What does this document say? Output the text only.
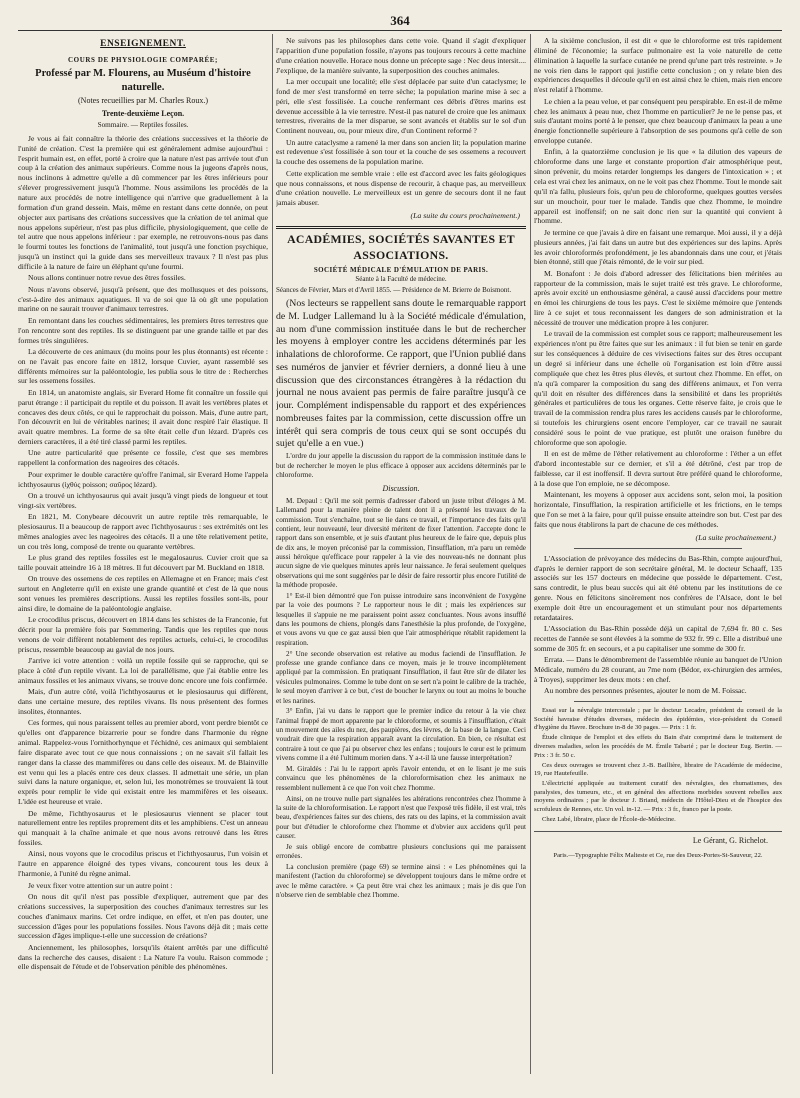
364
ENSEIGNEMENT.
COURS DE PHYSIOLOGIE COMPARÉE;
Professé par M. Flourens, au Muséum d'histoire naturelle.
(Notes recueillies par M. Charles Roux.)
Trente-deuxième Leçon.
Sommaire. — Reptiles fossiles.

Je vous ai fait connaître la théorie des créations successives et la théorie de l'unité de création. C'est la première qui est généralement admise aujourd'hui : l'esprit humain est, en effet, porté à croire que la nature n'est pas arrivée tout d'un coup à la création des animaux supérieurs. Comme nous la jugeons d'après nous, nous inclinons à admettre qu'elle a dû commencer par les êtres inférieurs pour s'élever progressivement jusqu'à l'homme. Nous assimilons les procédés de la nature aux procédés de notre intelligence qui n'arrive que graduellement à la formation d'un grand dessein. Mais, même en restant dans cette donnée, on peut objecter aux partisans des créations successives que la création de tel animal que nous appelons supérieur, n'est pas plus difficile, physiologiquement, que celle de tel autre que nous appelons inférieur : par exemple, ne retrouvons-nous pas dans le fourmi toutes les fonctions de l'animalité, tout jusqu'à une fonction psychique, jusqu'à un instinct qui la guide dans ses merveilleux travaux ? Il n'est pas plus difficile à la nature de faire un éléphant qu'une fourmi.

Nous allons continuer notre revue des êtres fossiles.

Nous n'avons observé, jusqu'à présent, que des mollusques et des poissons, c'est-à-dire des animaux aquatiques. Il va de soi que là où gît une population marine on ne saurait trouver d'animaux terrestres.

En remontant dans les couches sédimentaires, les premiers êtres terrestres que l'on rencontre sont des reptiles. Ils se distinguent par une grande taille et par des formes très singulières.

La découverte de ces animaux (du moins pour les plus étonnants) est récente : on ne l'avait pas encore faite en 1812, lorsque Cuvier, ayant rassemblé ses différents mémoires sur la paléontologie, les publia sous le titre de : Recherches sur les ossemens fossiles.

En 1814, un anatomiste anglais, sir Everard Home fit connaître un fossile qui parut étrange : il participait du reptile et du poisson. Il avait les vertèbres plates et concaves des deux côtés, ce qui le rapprochait du poisson. Mais, d'une autre part, l'on découvrit en lui de véritables narines; il avait donc respiré l'air élastique. Il avait quatre membres. La forme de sa tête était celle d'un lézard. D'après ces derniers caractères, il a été tiré classé parmi les reptiles.

Une autre particularité que présente ce fossile, c'est que ses membres rappellent la conformation des nageoires des cétacés.

Pour exprimer le double caractère qu'offre l'animal, sir Everard Home l'appela ichthyosaurus (ἰχθύς poisson; σαῦρος lézard).

On a trouvé un ichthyosaurus qui avait jusqu'à vingt pieds de longueur et tout vingt-six vertèbres.

En 1821, M. Conybeare découvrit un autre reptile très remarquable, le plesiosaurus. Il a beaucoup de rapport avec l'ichthyosaurus : ses extrémités ont les mêmes analogies avec les nageoires des cétacés. Il a une tête relativement petite, un cou très long, composé de trente ou quarante vertèbres.

Le plus grand des reptiles fossiles est le megalosaurus. Cuvier croit que sa taille pouvait atteindre 16 à 18 mètres. Il fut découvert par M. Buckland en 1818.

On trouve des ossemens de ces reptiles en Allemagne et en France; mais c'est surtout en Angleterre qu'il en existe une grande quantité et c'est de là que nous sont venues les premières descriptions. Aussi les reptiles fossiles sont-ils, pour ainsi dire, le domaine de la paléontologie anglaise.

Le crocodilus priscus, découvert en 1814 dans les schistes de la Franconie, fut décrit pour la première fois par Sœmmering. Tandis que les reptiles que nous venons de voir diffèrent notablement des reptiles actuels, celui-ci, le crocodilus priscus, ressemble beaucoup au gavial de nos jours.

J'arrive ici votre attention : voilà un reptile fossile qui se rapproche, qui se place à côté d'un reptile vivant. La loi de parallélisme, que j'ai établie entre les animaux fossiles et les animaux vivans, se trouve donc encore une fois confirmée.

Mais, d'un autre côté, voilà l'ichthyosaurus et le plesiosaurus qui diffèrent, dans une certaine mesure, des reptiles vivans. Ils nous présentent des formes insolites, étonnantes.

Ces formes, qui nous paraissent telles au premier abord, vont perdre bientôt ce qu'elles ont d'apparence bizarrerie pour se fondre dans l'harmonie du règne animal. Rappelez-vous l'ornithorhynque et l'échidné, ces animaux qui semblaient faire disparate avec tout ce que nous connaissions ; on ne savait s'il fallait les ranger dans la classe des mammifères ou dans celle des oiseaux. M. de Blainville est venu qui les a placés entre ces deux classes. Il admettait une série, un plan suivi dans la nature organique, et, selon lui, les monotrèmes se trouvaient là tout exprès pour remplir le vide qui existait entre les mammifères et les oiseaux. L'idée est heureuse et vraie.

De même, l'ichthyosaurus et le plesiosaurus viennent se placer tout naturellement entre les reptiles proprement dits et les amphibiens. C'est un anneau qui manquait à la chaîne animale et que nous avons retrouvé dans les êtres fossiles.

Ainsi, nous voyons que le crocodilus priscus et l'ichthyosaurus, l'un voisin et l'autre en apparence éloigné des types vivans, concourent tous les deux à l'harmonie, à l'unité du règne animal.

Je veux fixer votre attention sur un autre point :

On nous dit qu'il n'est pas possible d'expliquer, autrement que par des créations successives, la superposition des couches d'animaux terrestres sur les couches d'animaux marins. Cet ordre indique, en effet, et n'en pas douter, une succession d'âges pour les populations fossiles. Nous l'avons déjà dit ; mais cette succession d'âges implique-t-elle une succession de créations?

Anciennement, les philosophes, lorsqu'ils étaient arrêtés par une difficulté dans la recherche des causes, disaient : La Nature l'a voulu. Raison commode ; elle dispensait de l'étude et de l'observation pénible des phénomènes.

Ne suivons pas les philosophes dans cette voie. Quand il s'agit d'expliquer l'apparition d'une population fossile, n'ayons pas toujours recours à cette machine d'une création nouvelle. Horace nous donne un précepte sage : Nec deus intersit.... J'explique, de la manière suivante, la superposition des couches animales.

La mer occupait une localité; elle s'est déplacée par suite d'un cataclysme; le fond de mer s'est transformé en terre sèche; la population marine mise à sec a péri, elle s'est fossilisée. La couche renfermant ces débris d'êtres marins est devenue accessible à la vie terrestre. N'est-il pas naturel de croire que les animaux terrestres, riverains de la mer disparue, se sont avancés et établis sur le sol d'un Continent nouveau, ou, pour mieux dire, d'un Continent reformé ?

Un autre cataclysme a ramené la mer dans son ancien lit; la population marine est redevenue s'est fossilisée à son tour et la couche de ses ossemens a recouvert la couche des ossemens de la population marine.

Cette explication me semble vraie : elle est d'accord avec les faits géologiques que nous connaissons, et nous dispense de recourir, à chaque pas, au merveilleux d'une création nouvelle. Le merveilleux est un genre de secours dont il ne faut jamais abuser.

(La suite du cours prochainement.)
ACADÉMIES, SOCIÉTÉS SAVANTES ET ASSOCIATIONS.
SOCIÉTÉ MÉDICALE D'ÉMULATION DE PARIS.
Séante à la Faculté de médecine.
Séances de Février, Mars et d'Avril 1855. — Présidence de M. Brierre de Boismont.

(Nos lecteurs se rappellent sans doute le remarquable rapport de M. Ludger Lallemand lu à la Société médicale d'émulation, au nom d'une commission instituée dans le but de rechercher les moyens à employer contre les accidens déterminés par les inhalations de chloroforme. Ce rapport, que l'Union publié dans ses numéros de janvier et février derniers, a donné lieu à une discussion que des circonstances étrangères à la rédaction du journal ne nous avaient pas permis de faire paraître jusqu'à ce jour. Complément indispensable du rapport et des expériences nombreuses faites par la commission, cette discussion offre un intérêt qui sera compris de tous ceux qui se sont occupés du sujet qu'elle a en vue.)

L'ordre du jour appelle la discussion du rapport de la commission instituée dans le but de rechercher le moyen le plus efficace à opposer aux accidens déterminés par le chloroforme.

Discussion.

M. Depaul : Qu'il me soit permis d'adresser d'abord un juste tribut d'éloges à M. Lallemand pour la manière pleine de talent dont il a présenté les travaux de la commission. Tout s'enchaîne, tout se lie dans ce travail, et l'importance des faits qu'il contient, leur nouveauté, leur diversité méritent de fixer l'attention. J'accepte donc le rapport dans son ensemble, et je suis d'autant plus heureux de le faire que, depuis plus de dix ans, le moyen préconisé par la commission, l'insufflation, m'a paru un remède aussi héroïque qu'efficace pour rappeler à la vie des nouveau-nés ne donnant plus aucun signe de vie quelques minutes après leur naissance. Je ferai seulement quelques observations qui me sont suggérées par le désir de faire ressortir plus encore l'utilité de la méthode proposée.

1° Est-il bien démontré que l'on puisse introduire sans inconvénient de l'oxygène par la voie des poumons ? Le rapporteur nous le dit ; mais les expériences sur lesquelles il s'appuie ne me paraissent point assez concluantes. Nous avons insufflé dans les poumons de chiens, plongés dans l'anesthésie la plus profonde, de l'oxygène, et vous avons vu que ce gaz aussi bien que l'air atmosphérique rétablit rapidement la respiration.

2° Une seconde observation est relative au modus faciendi de l'insufflation. Je professe une grande confiance dans ce moyen, mais je le trouve incomplètement appliqué par la commission. En pratiquant l'insufflation, il faut être sûr de dilater les vésicules pulmonaires. Comme le tube dont on se sert n'a point le calibre de la trachée, le seul moyen d'arriver à ce but, c'est de boucher le larynx ou tout au moins le bouche et les narines.

3° Enfin, j'ai vu dans le rapport que le premier indice du retour à la vie chez l'animal frappé de mort apparente par le chloroforme, et soumis à l'insufflation, c'était un mouvement des ailes du nez, des paupières, des lèvres, de la base de la langue. Ceci voudrait dire que la respiration apparaît avant la circulation. En bien, ce résultat est contraire à tout ce que j'ai pu observer chez les enfans ; toujours le cœur est le primum vivens comme il a été l'ultimum morien dans. Y a-t-il là une fausse interprétation?

M. Giraldès : J'ai lu le rapport après l'avoir entendu, et en le lisant je me suis convaincu que les phénomènes de la chloroformisation chez les animaux ne ressemblent nullement à ce que l'on voit chez l'homme.

Ainsi, on ne trouve nulle part signalées les altérations rencontrées chez l'homme à la suite de la chloroformisation. Le rapport n'est que l'exposé très fidèle, il est vrai, très beau, d'expériences faites sur des chiens, des rats ou des lapins, et la commission avait pour but d'étudier le chloroforme chez l'homme et d'obvier aux accidens qu'il peut causer.

Je suis obligé encore de combattre plusieurs conclusions qui me paraissent erronées.

La conclusion première (page 69) se termine ainsi : « Les phénomènes qui la manifestent (l'action du chloroforme) se développent toujours dans le même ordre et avec le même caractère. » Ça peut être vrai chez les animaux ; mais je dis que l'on n'observe rien de semblable chez l'homme.

A la sixième conclusion, il est dit « que le chloroforme est très rapidement éliminé de l'économie; la surface pulmonaire est la voie naturelle de cette élimination à laquelle la surface cutanée ne prend qu'une part très restreinte. » Je ne vois rien dans le rapport qui justifie cette conclusion ; on y relate bien des expériences desquelles il découle qu'il en est ainsi chez le chien, mais rien encore n'est relatif à l'homme.

Le chien a la peau velue, et par conséquent peu perspirable. En est-il de même chez les animaux à peau nue, chez l'homme en particulier? Je ne le pense pas, et suis d'autant moins porté à le penser, que chez beaucoup d'animaux la peau a une énergie fonctionnelle supérieure à l'absorption de ses poumons qu'à celle de son enveloppe cutanée.

Enfin, à la quatorzième conclusion je lis que « la dilution des vapeurs de chloroforme dans une large et constante proportion d'air atmosphérique peut, sinon prévenir, du moins retarder longtemps les dangers de l'intoxication » ; et cela est vrai chez les animaux, on ne le voit pas chez l'homme. Tout le monde sait qu'il n'a fallu, plusieurs fois, qu'un peu de chloroforme, quelques gouttes versées sur un mouchoir, pour tuer le malade. Tandis que chez l'homme, le moindre appareil est inoffensif; on ne sait donc rien sur la quantité qui convient à l'homme.

Je termine ce que j'avais à dire en faisant une remarque. Moi aussi, il y a déjà plusieurs années, j'ai fait dans un autre but des expériences sur des lapins. Après les avoir chloroformés profondément, je les abandonnais dans une cour, et j'étais bien étonné, still que j'étais rémonté, de le voir sur pied.

M. Bonafont : Je dois d'abord adresser des félicitations bien méritées au rapporteur de la commission, mais le sujet traité est très grave. Le chloroforme, après avoir excité un enthousiasme général, a causé aussi d'accidens pour mettre en émoi les chirurgiens de tous les pays. C'est le sixième mémoire que j'entends lire à ce sujet et tous reconnaissent les dangers de son administration et la nécessité de trouver une médication propre à les conjurer.

Le travail de la commission est complet sous ce rapport; malheureusement les expériences n'ont pu être faites que sur les animaux : il fut bien se tenir en garde sur les conséquences à déduire de ces vivisections faites sur des êtres occupant un degré si inférieur dans une échelle où l'organisation est loin d'être aussi compliquée que chez les êtres plus élevés, et surtout chez l'homme. En effet, on n'a qu'à comparer la composition du sang des différens animaux, et l'on verra qu'il doit en résulter des différences dans la sensibilité et dans les propriétés générales et particulières de tous les organes. Cette réserve faite, je crois que le travail de la commission rendra plus rares les accidens causés par le chloroforme, si toutefois les chirurgiens osent encore l'employer, car ce travail ne saurait considéré sous le point de vue pratique, est plutôt une oraison funèbre du chloroforme que son apologie.

Il en est de même de l'éther relativement au chloroforme : l'éther a un effet d'abord incontestable sur ce dernier, et s'il a été détrôné, c'est par trop de faiblesse, car il est inoffensif. Il devra surtout être préféré quand le chloroforme, à la dose que l'on emploie, ne se décompose.

Maintenant, les moyens à opposer aux accidens sont, selon moi, la position horizontale, l'insufflation, la respiration artificielle et les frictions, en le temps que l'on se met à la faire, pour qu'il puisse ensuite atteindre son but. C'est par des faits que nous établirons la part de chacune de ces méthodes.

(La suite prochainement.)

L'Association de prévoyance des médecins du Bas-Rhin, compte aujourd'hui, d'après le dernier rapport de son secrétaire général, M. le docteur Schaaff, 135 associés sur les 157 docteurs en médecine que possède le département. C'est, sans contredit, le plus beau succès qui ait été obtenu par les institutions de ce genre. Nous en félicitons sincèrement nos confrères de l'Alsace, dont le bel exemple doit être un encouragement et un stimulant pour nos départements retardataires.

L'Association du Bas-Rhin possède déjà un capital de 7,694 fr. 80 c. Ses recettes de l'année se sont élevées à la somme de 932 fr. 99 c. Elle a distribué une somme de 305 fr. en secours, et a pu capitaliser une somme de 300 fr.

Errata. — Dans le dénombrement de l'assemblée réunie au banquet de l'Union Médicale, numéro du 28 courant, au 7me nom (Bédor, ex-chirurgien des armées, à Troyes), supprimer les deux mots : en chef.

Au nombre des personnes présentes, ajouter le nom de M. Foissac.

Essai sur la névralgie intercostale ; par le docteur Lecadre, président du conseil de la Société havraise d'études diverses, médecin des épidémies, vice-président du Conseil d'hygiène du Havre. Brochure in-8 de 30 pages. — Prix : 1 fr.

Étude clinique de l'emploi et des effets du Bain d'air comprimé dans le traitement de diverses maladies, selon les procédés de M. Émile Tabarié ; par le docteur Eug. Bertin. — Prix : 3 fr. 50 c.

Ces deux ouvrages se trouvent chez J.-B. Baillière, libraire de l'Académie de médecine, 19, rue Hautefeuille.

L'électricité appliquée au traitement curatif des névralgies, des rhumatismes, des paralysies, des tumeurs, etc., et en général des affections morbides souvent rebelles aux moyens ordinaires ; par le docteur J. Briand, médecin de l'Hôtel-Dieu et de l'hospice des scrofuleux de Rennes, etc. Un vol. in-12. — Prix : 3 fr., franco par la poste.

Chez Labé, libraire, place de l'École-de-Médecine.

Le Gérant, G. Richelot.
Paris.—Typographie Félix Malteste et Ce, rue des Deux-Portes-St-Sauveur, 22.
